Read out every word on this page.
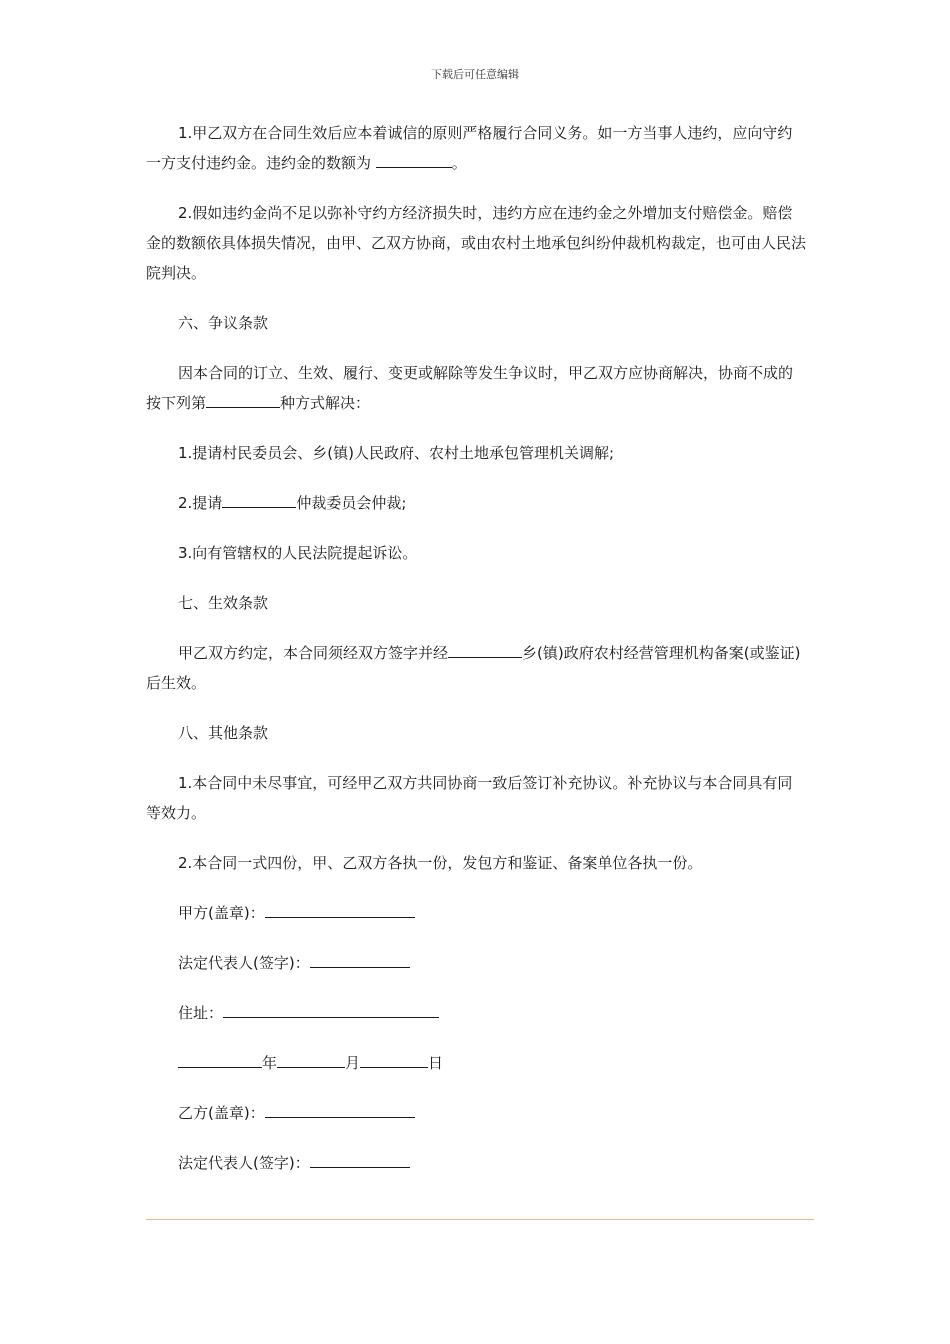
下载后可任意编辑

1.甲乙双方在合同生效后应本着诚信的原则严格履行合同义务。如一方当事人违约，应向守约一方支付违约金。违约金的数额为	。

2.假如违约金尚不足以弥补守约方经济损失时，违约方应在违约金之外增加支付赔偿金。赔偿金的数额依具体损失情况，由甲、乙双方协商，或由农村土地承包纠纷仲裁机构裁定，也可由人民法院判决。

六、争议条款

因本合同的订立、生效、履行、变更或解除等发生争议时，甲乙双方应协商解决，协商不成的按下列第	种方式解决：

1.提请村民委员会、乡(镇)人民政府、农村土地承包管理机关调解;

2.提请	仲裁委员会仲裁;

3.向有管辖权的人民法院提起诉讼。

七、生效条款

甲乙双方约定，本合同须经双方签字并经	乡(镇)政府农村经营管理机构备案(或鉴证)后生效。

八、其他条款

1.本合同中未尽事宜，可经甲乙双方共同协商一致后签订补充协议。补充协议与本合同具有同等效力。

2.本合同一式四份，甲、乙双方各执一份，发包方和鉴证、备案单位各执一份。

甲方(盖章)：

法定代表人(签字)：

住址：

年	月	日

乙方(盖章)：

法定代表人(签字)：
